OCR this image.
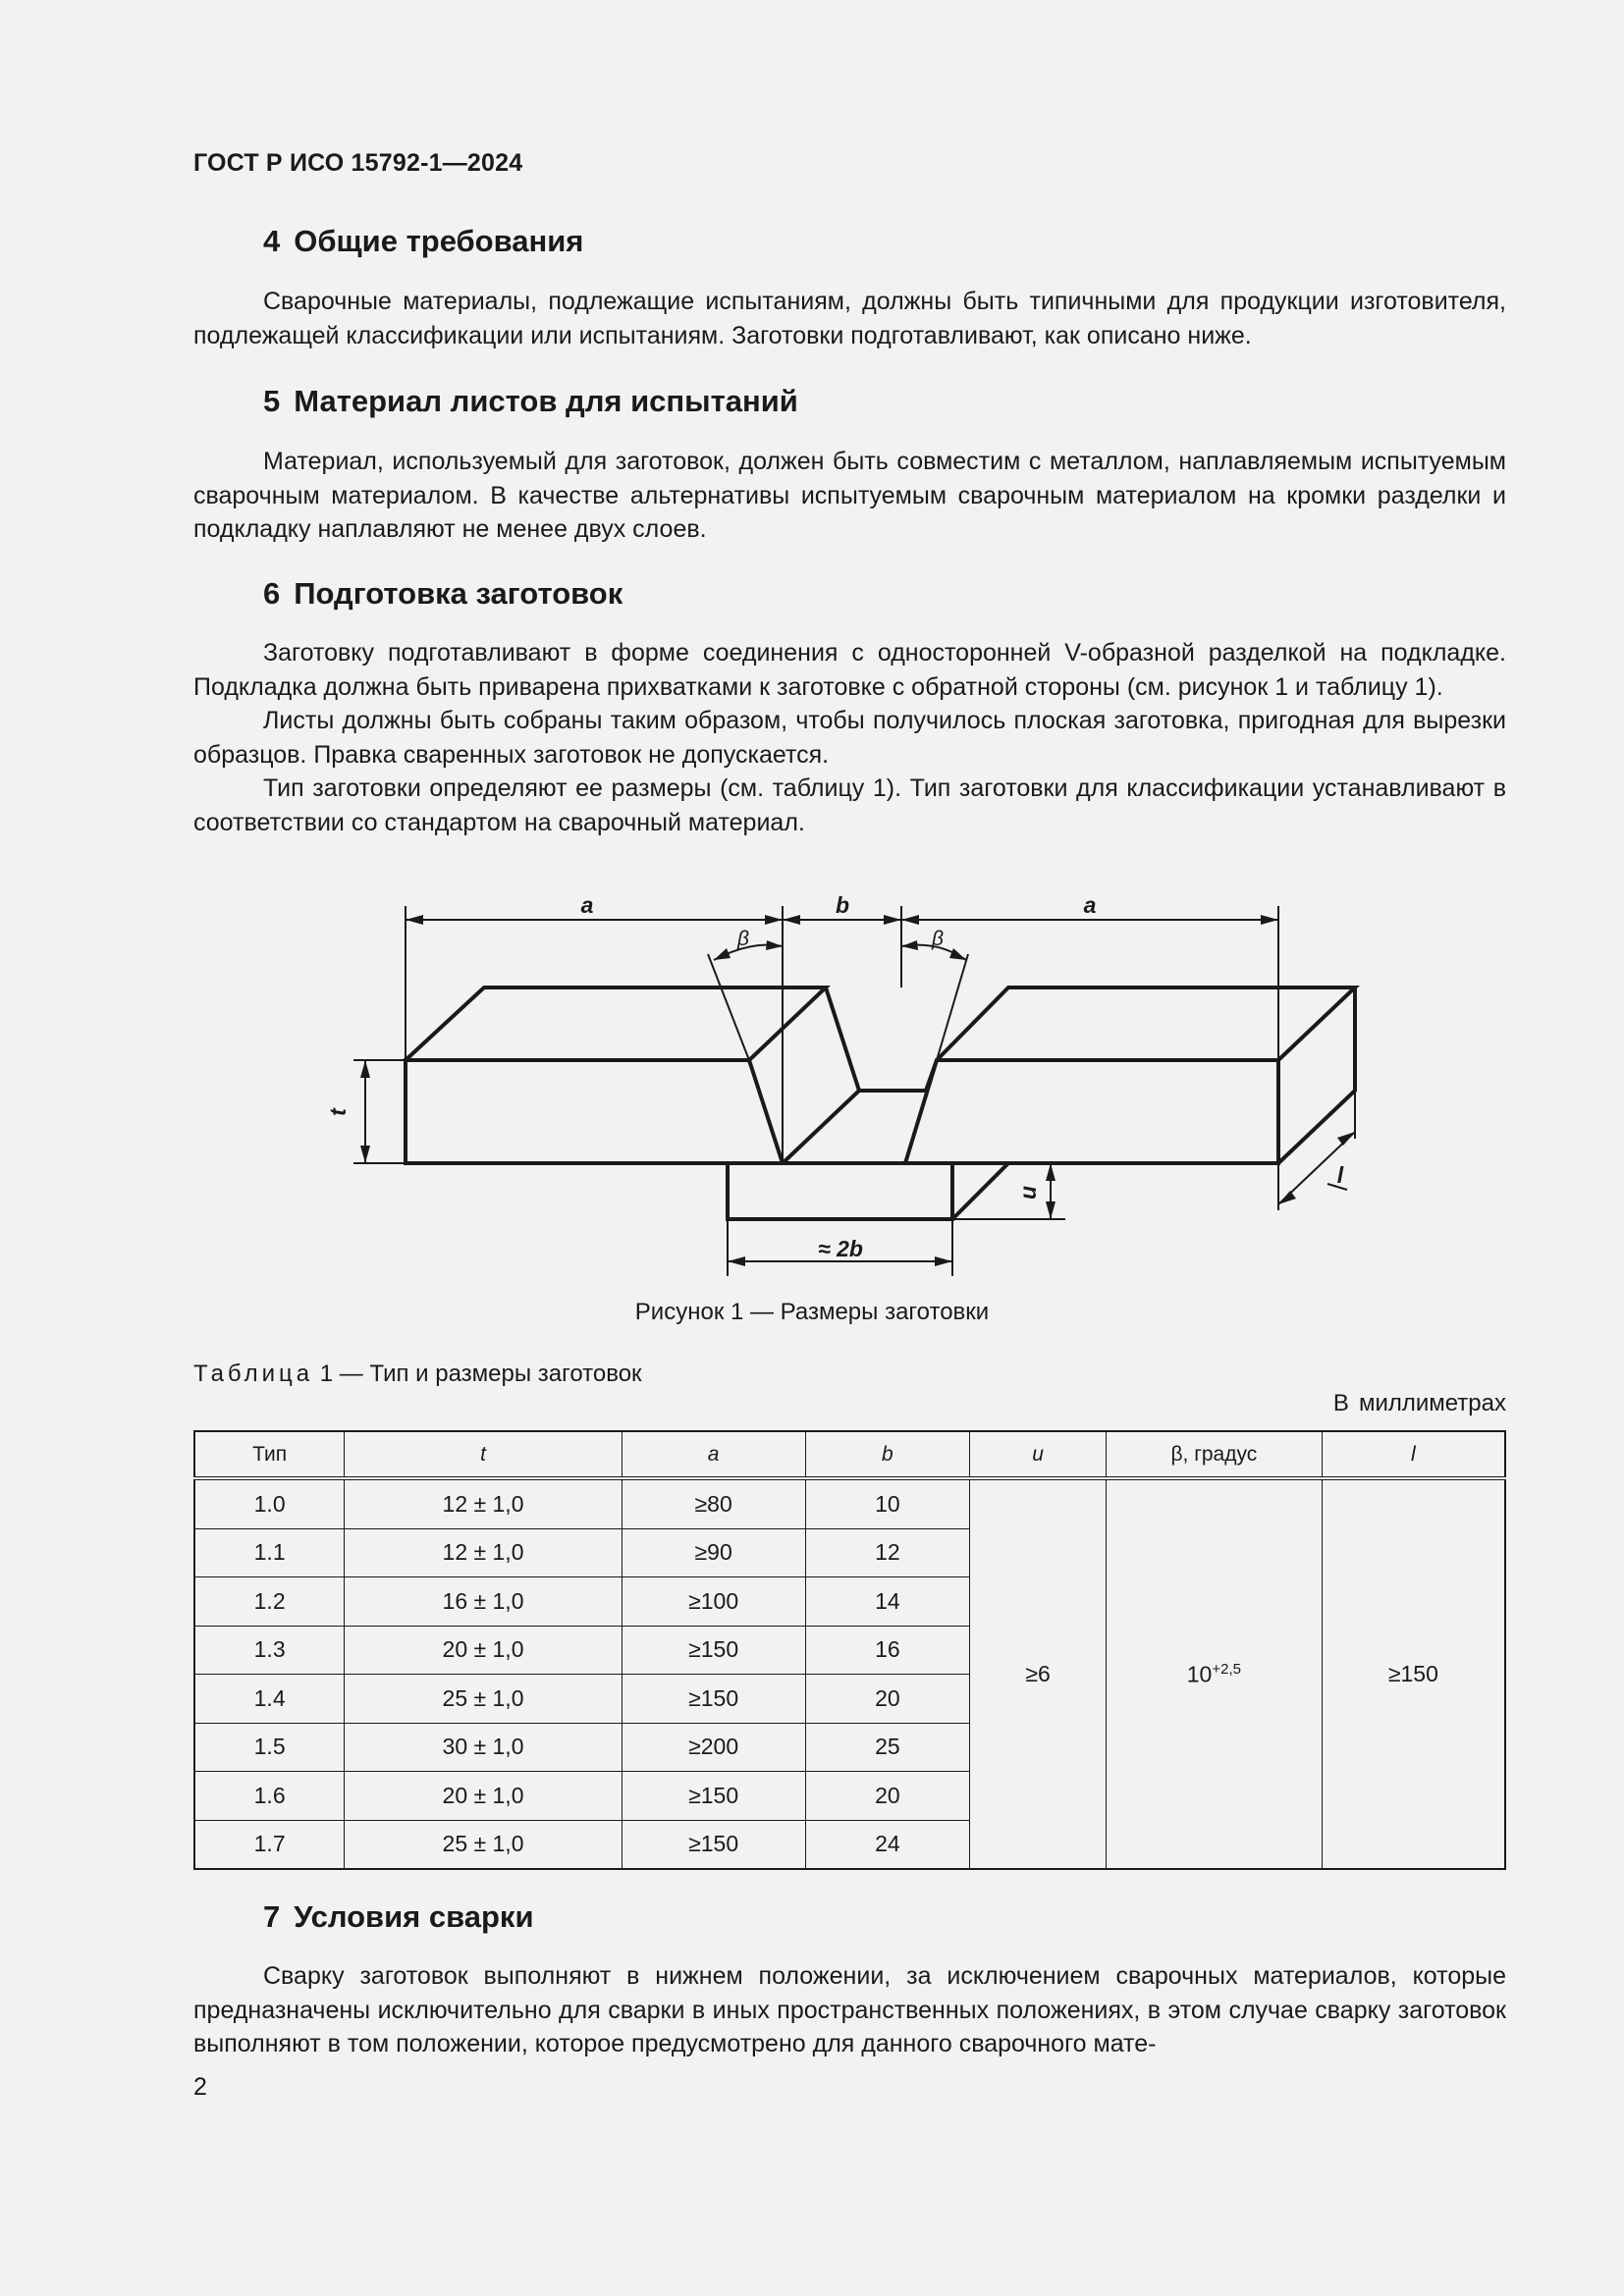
ГОСТ Р ИСО 15792-1—2024
4 Общие требования

Сварочные материалы, подлежащие испытаниям, должны быть типичными для продукции изготовителя, подлежащей классификации или испытаниям. Заготовки подготавливают, как описано ниже.

5 Материал листов для испытаний

Материал, используемый для заготовок, должен быть совместим с металлом, наплавляемым испытуемым сварочным материалом. В качестве альтернативы испытуемым сварочным материалом на кромки разделки и подкладку наплавляют не менее двух слоев.

6 Подготовка заготовок

Заготовку подготавливают в форме соединения с односторонней V-образной разделкой на подкладке. Подкладка должна быть приварена прихватками к заготовке с обратной стороны (см. рисунок 1 и таблицу 1).

Листы должны быть собраны таким образом, чтобы получилось плоская заготовка, пригодная для вырезки образцов. Правка сваренных заготовок не допускается.

Тип заготовки определяют ее размеры (см. таблицу 1). Тип заготовки для классификации устанавливают в соответствии со стандартом на сварочный материал.

a	b	a
t
u
≈ 2b
l
β	β
Рисунок 1 — Размеры заготовки
Таблица 1 — Тип и размеры заготовок
В миллиметрах
Тип	t	a	b	u	β, градус	l
1.0	12 ± 1,0	≥80	10	≥6	$10^{+2,5}$	≥150
1.1	12 ± 1,0	≥90	12			
1.2	16 ± 1,0	≥100	14			
1.3	20 ± 1,0	≥150	16			
1.4	25 ± 1,0	≥150	20			
1.5	30 ± 1,0	≥200	25			
1.6	20 ± 1,0	≥150	20			
1.7	25 ± 1,0	≥150	24			
7 Условия сварки

Сварку заготовок выполняют в нижнем положении, за исключением сварочных материалов, которые предназначены исключительно для сварки в иных пространственных положениях, в этом случае сварку заготовок выполняют в том положении, которое предусмотрено для данного сварочного мате-

2
